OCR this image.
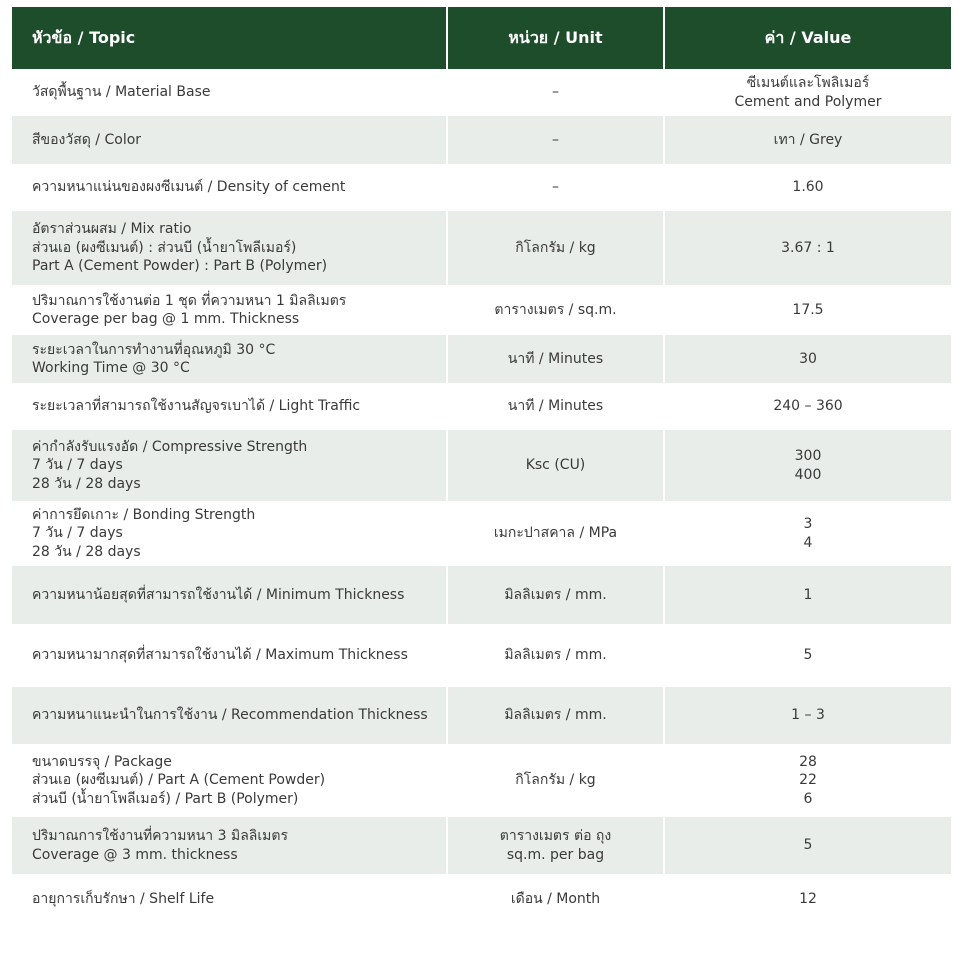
หัวข้อ / Topic	หน่วย / Unit	ค่า / Value

วัสดุพื้นฐาน / Material Base	–	ซีเมนต์และโพลิเมอร์
Cement and Polymer

สีของวัสดุ / Color	–	เทา / Grey

ความหนาแน่นของผงซีเมนต์ / Density of cement	–	1.60

อัตราส่วนผสม / Mix ratio
ส่วนเอ (ผงซีเมนต์) : ส่วนบี (น้ำยาโพลีเมอร์)
Part A (Cement Powder) : Part B (Polymer)	กิโลกรัม / kg	3.67 : 1

ปริมาณการใช้งานต่อ 1 ชุด ที่ความหนา 1 มิลลิเมตร
Coverage per bag @ 1 mm. Thickness	ตารางเมตร / sq.m.	17.5

ระยะเวลาในการทำงานที่อุณหภูมิ 30 °C
Working Time @ 30 °C	นาที / Minutes	30

ระยะเวลาที่สามารถใช้งานสัญจรเบาได้ / Light Traffic	นาที / Minutes	240 – 360

ค่ากำลังรับแรงอัด / Compressive Strength
7 วัน / 7 days
28 วัน / 28 days	Ksc (CU)	300
400

ค่าการยึดเกาะ / Bonding Strength
7 วัน / 7 days
28 วัน / 28 days	เมกะปาสคาล / MPa	3
4

ความหนาน้อยสุดที่สามารถใช้งานได้ / Minimum Thickness	มิลลิเมตร / mm.	1

ความหนามากสุดที่สามารถใช้งานได้ / Maximum Thickness	มิลลิเมตร / mm.	5

ความหนาแนะนำในการใช้งาน / Recommendation Thickness	มิลลิเมตร / mm.	1 – 3

ขนาดบรรจุ / Package
ส่วนเอ (ผงซีเมนต์) / Part A (Cement Powder)
ส่วนบี (น้ำยาโพลีเมอร์) / Part B (Polymer)	กิโลกรัม / kg	28
22
6

ปริมาณการใช้งานที่ความหนา 3 มิลลิเมตร
Coverage @ 3 mm. thickness	ตารางเมตร ต่อ ถุง
sq.m. per bag	5

อายุการเก็บรักษา / Shelf Life	เดือน / Month	12
